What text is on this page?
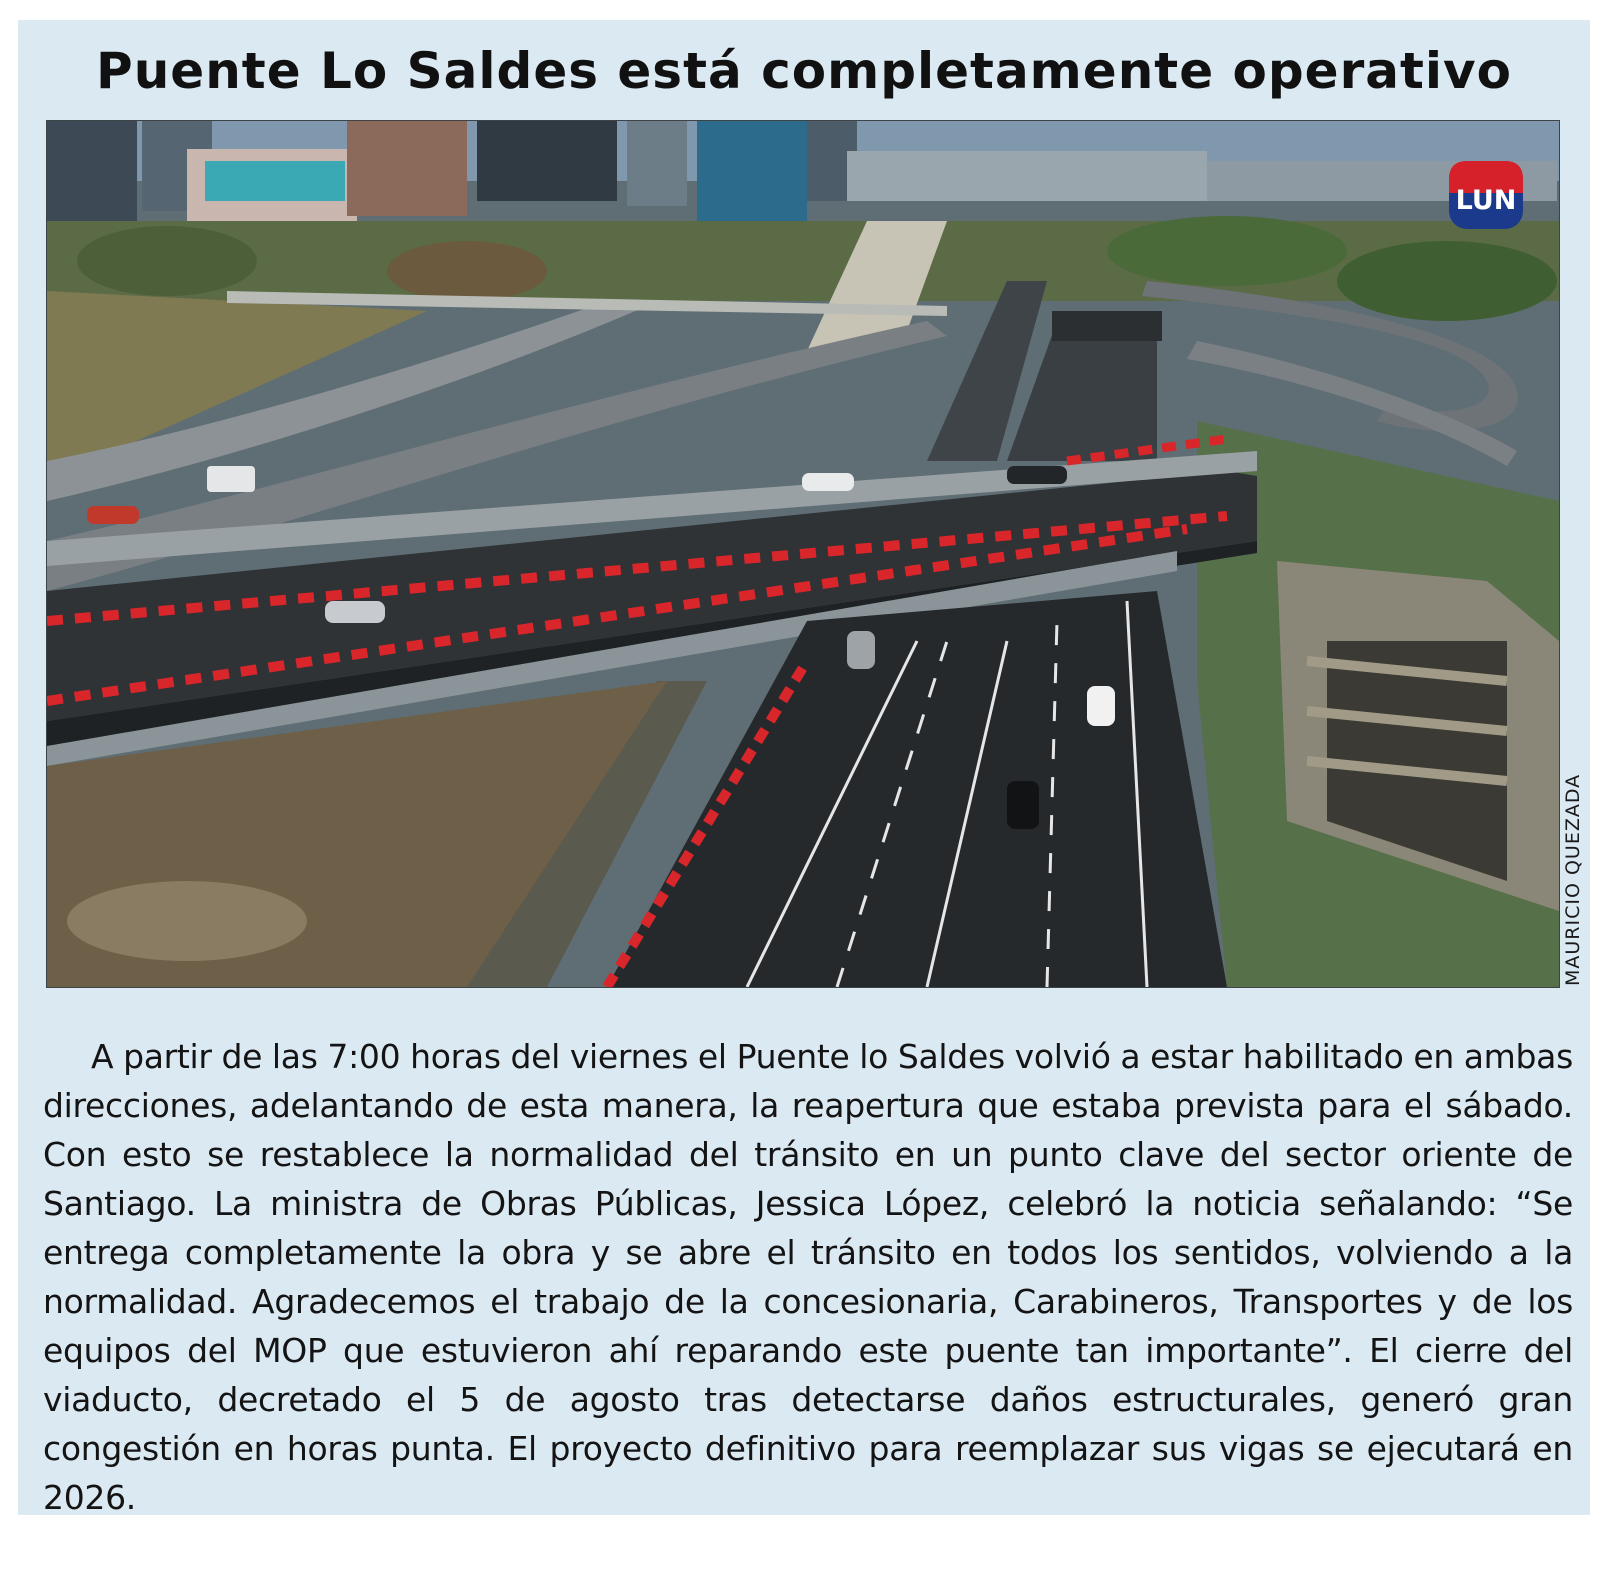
Puente Lo Saldes está completamente operativo
LUN
MAURICIO QUEZADA
A partir de las 7:00 horas del viernes el Puente lo Saldes volvió a estar habilitado en ambas direcciones, adelantando de esta manera, la reapertura que estaba prevista para el sábado. Con esto se restablece la normalidad del tránsito en un punto clave del sector oriente de Santiago. La ministra de Obras Públicas, Jessica López, celebró la noticia señalando: “Se entrega completamente la obra y se abre el tránsito en todos los sentidos, volviendo a la normalidad. Agradecemos el trabajo de la concesionaria, Carabineros, Transportes y de los equipos del MOP que estuvieron ahí reparando este puente tan importante”. El cierre del viaducto, decretado el 5 de agosto tras detectarse daños estructurales, generó gran congestión en horas punta. El proyecto definitivo para reemplazar sus vigas se ejecutará en 2026.
